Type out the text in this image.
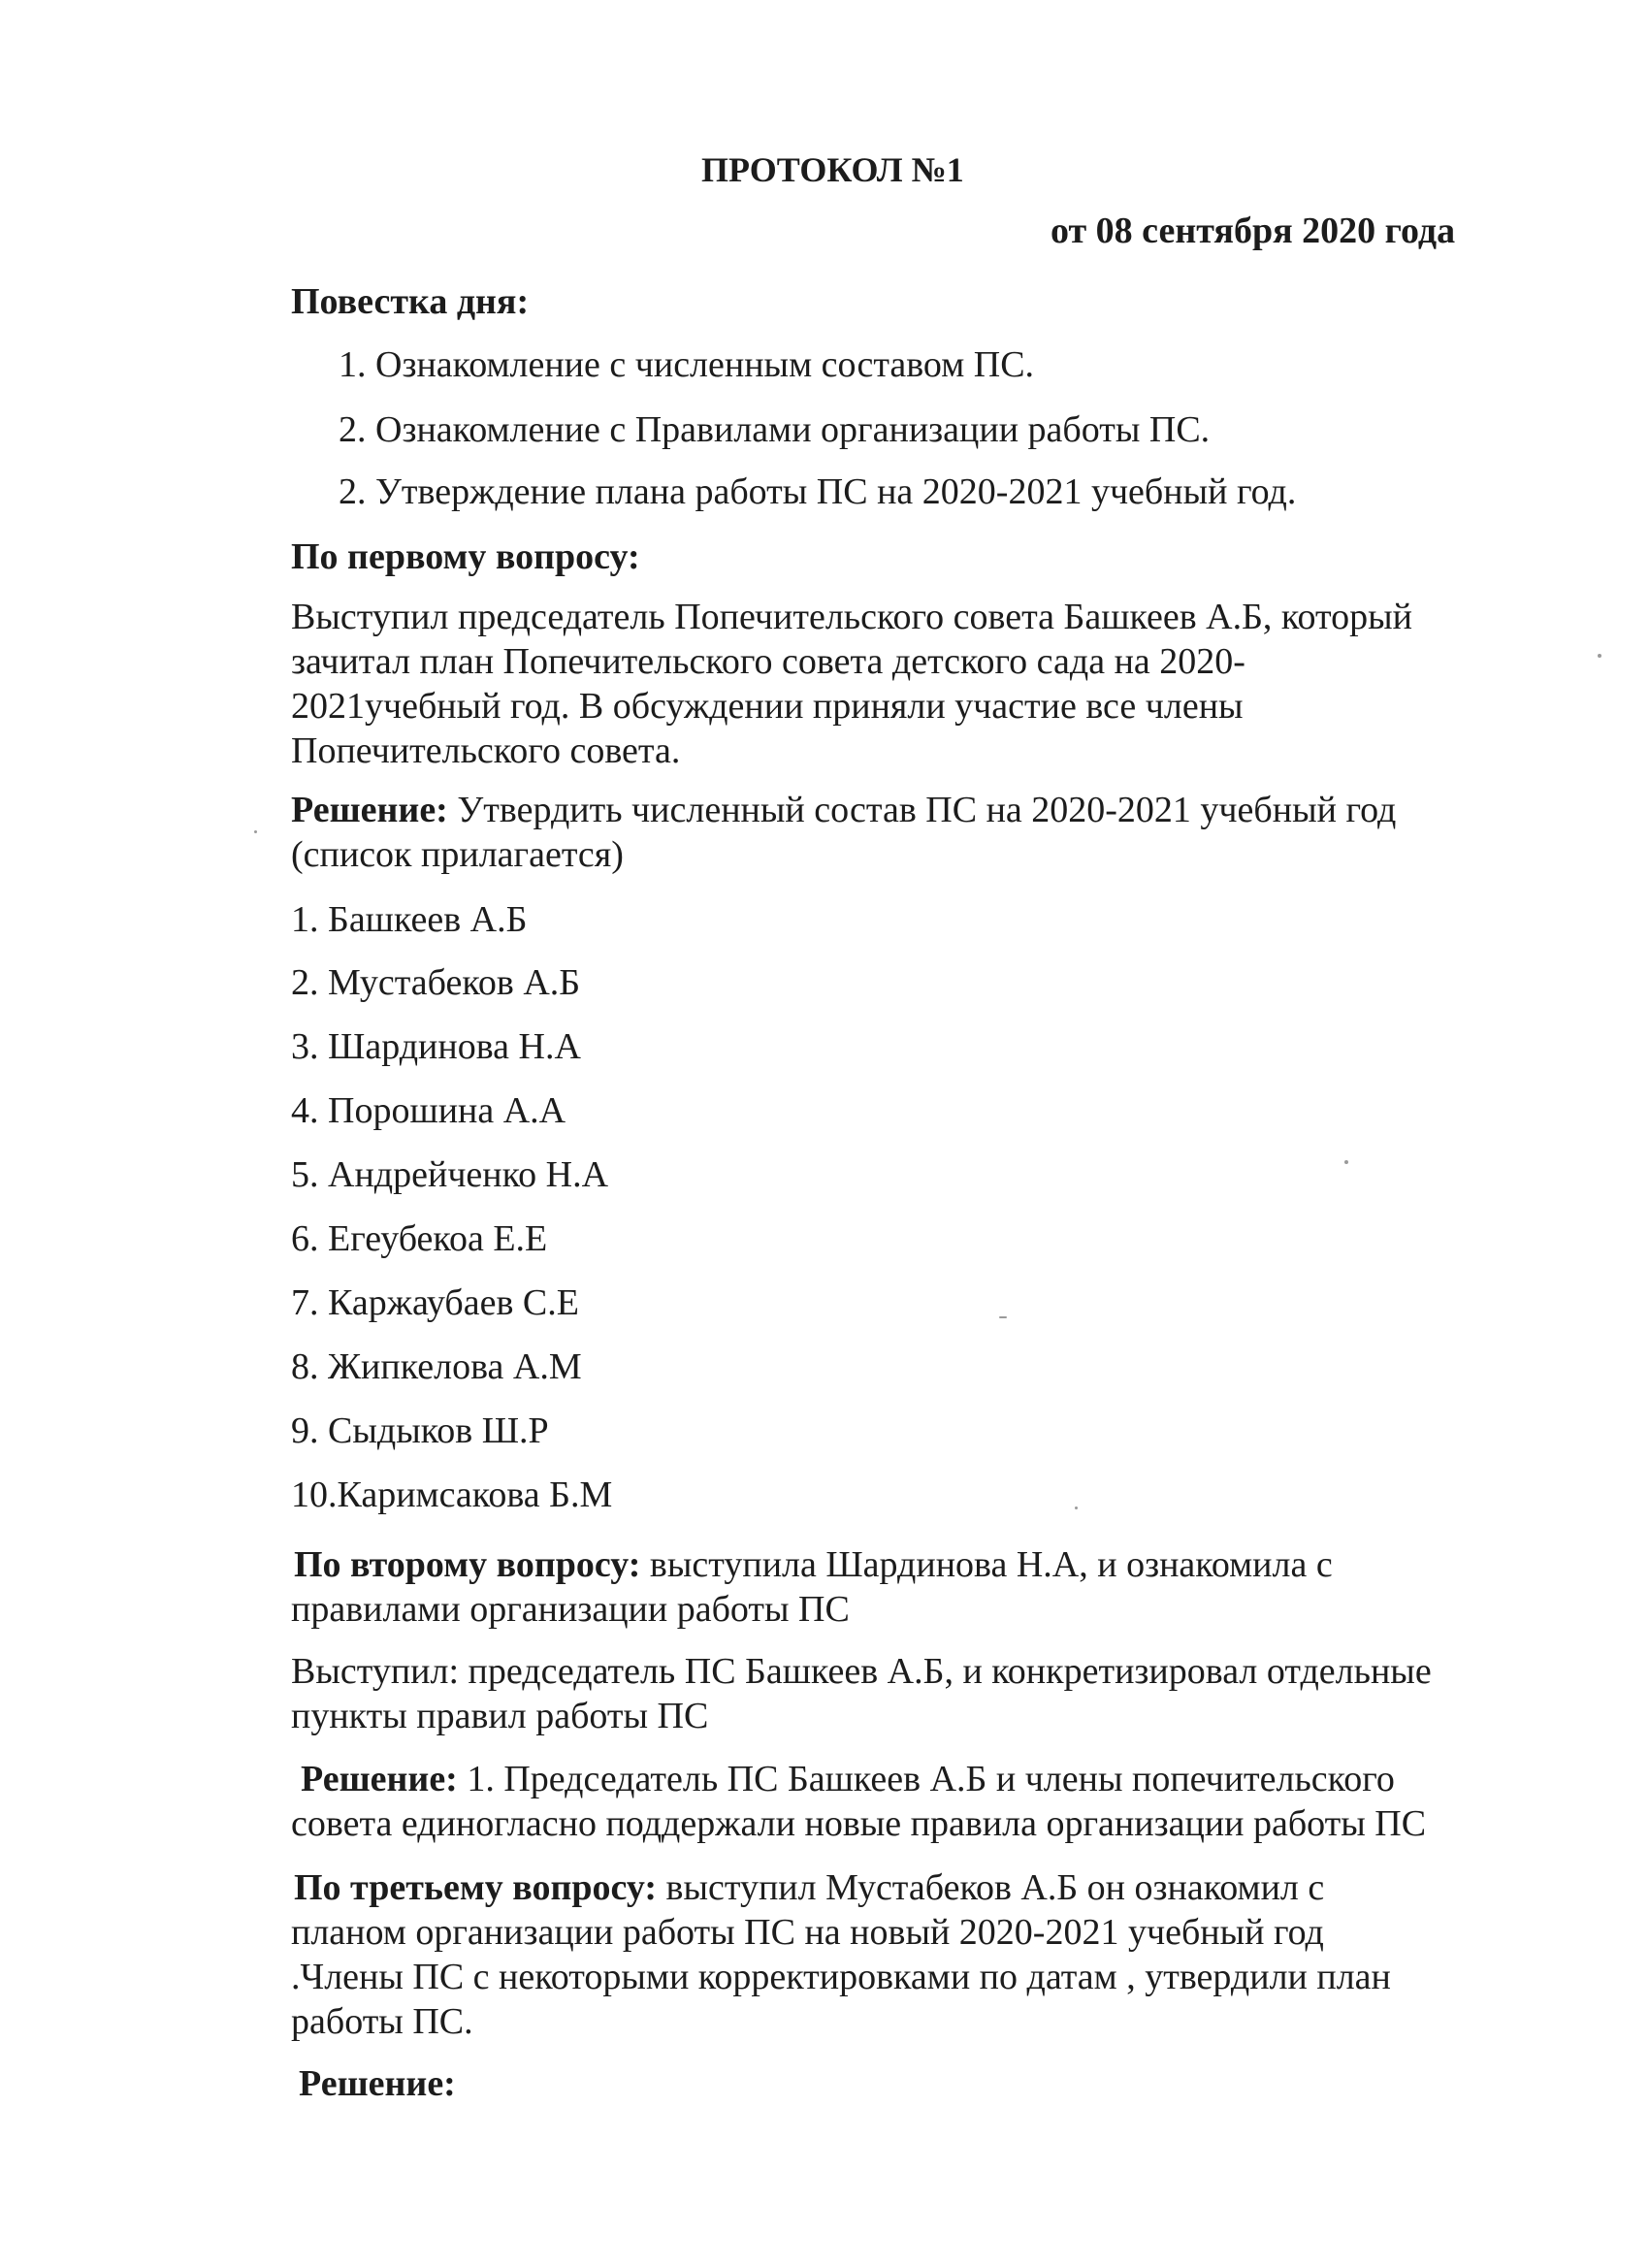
ПРОТОКОЛ №1

от 08 сентября 2020 года

Повестка дня:

1. Ознакомление с численным составом ПС.

2. Ознакомление с Правилами организации работы ПС.

2. Утверждение плана работы ПС на 2020-2021 учебный год.

По первому вопросу:

Выступил председатель Попечительского совета Башкеев А.Б, который

зачитал план Попечительского совета детского сада на 2020-

2021учебный год. В обсуждении приняли участие все члены

Попечительского совета.

Решение: Утвердить численный состав ПС на 2020-2021 учебный год

(список прилагается)

1. Башкеев А.Б

2. Мустабеков А.Б

3. Шардинова Н.А

4. Порошина А.А

5. Андрейченко Н.А

6. Егеубекоа Е.Е

7. Каржаубаев С.Е

8. Жипкелова А.М

9. Сыдыков Ш.Р

10.Каримсакова Б.М

По второму вопросу: выступила Шардинова Н.А, и ознакомила с

правилами организации работы ПС

Выступил: председатель ПС Башкеев А.Б, и конкретизировал отдельные

пункты правил работы ПС

Решение: 1. Председатель ПС Башкеев А.Б и члены попечительского

совета единогласно поддержали новые правила организации работы ПС

По третьему вопросу: выступил Мустабеков А.Б он ознакомил с

планом организации работы ПС на новый 2020-2021 учебный год

.Члены ПС с некоторыми корректировками по датам , утвердили план

работы ПС.

Решение:
